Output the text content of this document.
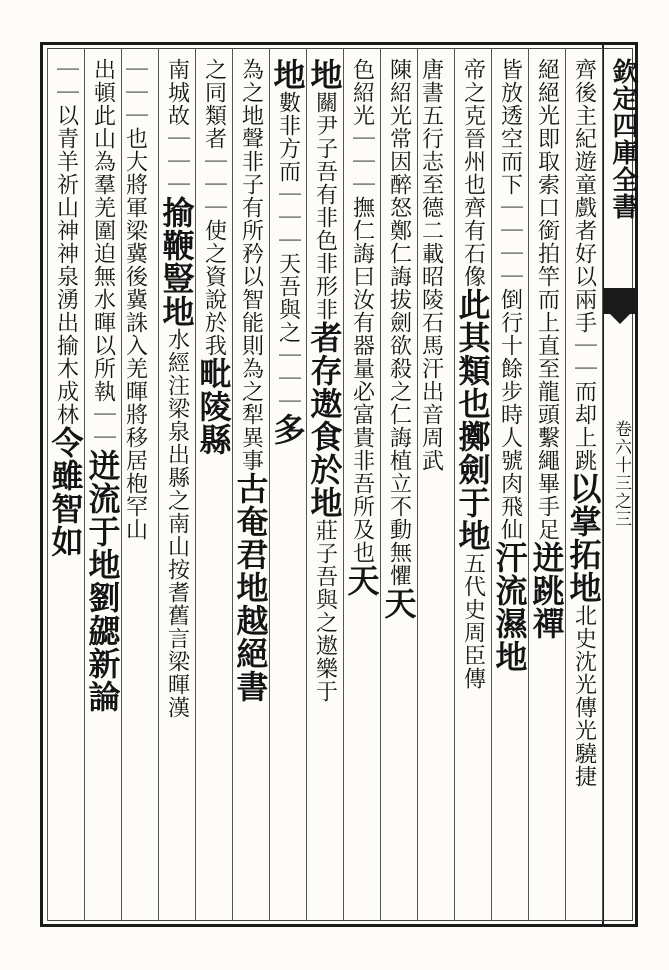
欽定四庫全書
卷六十三之三
齊後主紀遊童戲者好以兩手｜｜而却上跳以掌拓地北史沈光傳光驍捷
絕絕光即取索口銜拍竿而上直至龍頭繫繩畢手足迸跳禪
皆放透空而下｜｜｜｜倒行十餘步時人號肉飛仙汗流濕地
帝之克晉州也齊有石像此其類也擲劍于地五代史周臣傳
唐書五行志至德二載昭陵石馬汗出音周武
陳紹光常因醉怒鄭仁誨拔劍欲殺之仁誨植立不動無懼天
色紹光｜｜｜撫仁誨曰汝有器量必富貴非吾所及也天
地關尹子吾有非色非形非者存遨食於地莊子吾與之遨樂于
地數非方而｜｜｜天吾與之｜｜｜多
為之地聲非子有所矜以智能則為之犁異事古奄君地越絕書
之同類者｜｜｜使之資說於我毗陵縣
南城故｜｜｜揄鞭豎地水經注梁泉出縣之南山按耆舊言梁暉漢
｜｜｜也大將軍梁冀後冀誅入羌暉將移居枹罕山
出頓此山為羣羌圍迫無水暉以所執｜｜迸流于地劉勰新論
｜｜以青羊祈山神神泉湧出揄木成林令雖智如
